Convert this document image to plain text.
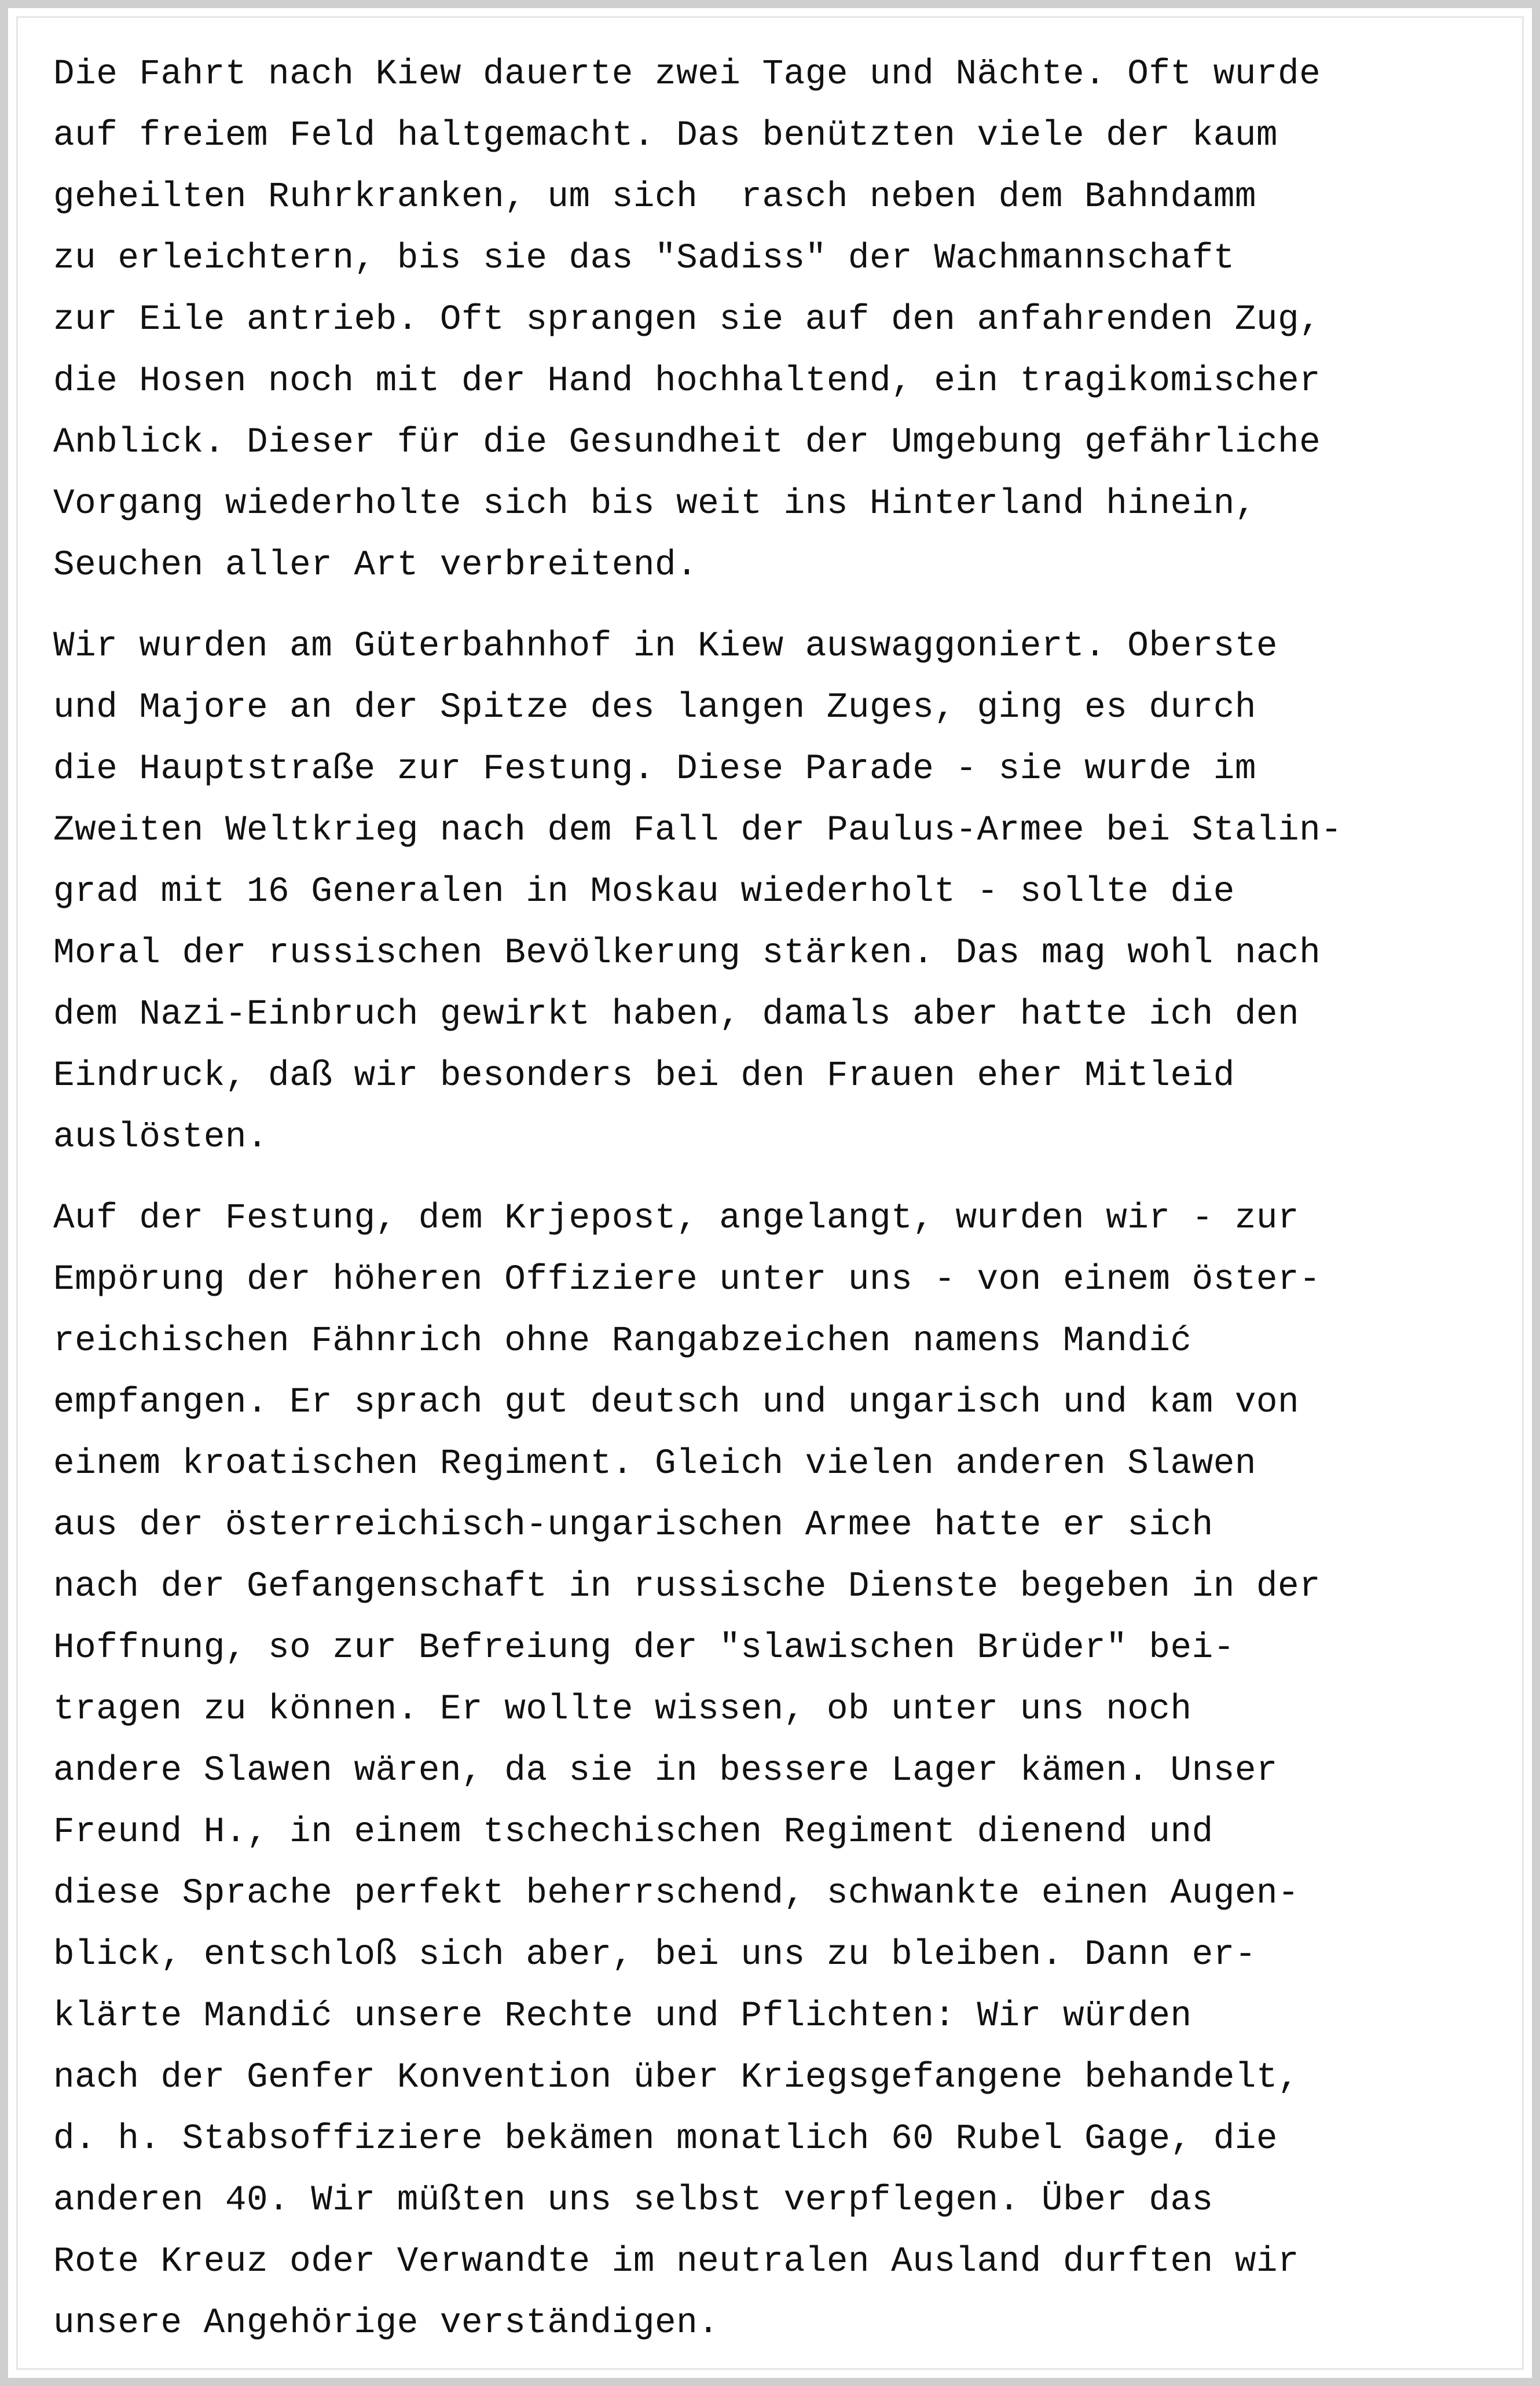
Die Fahrt nach Kiew dauerte zwei Tage und Nächte. Oft wurde
auf freiem Feld haltgemacht. Das benützten viele der kaum
geheilten Ruhrkranken, um sich  rasch neben dem Bahndamm
zu erleichtern, bis sie das "Sadiss" der Wachmannschaft
zur Eile antrieb. Oft sprangen sie auf den anfahrenden Zug,
die Hosen noch mit der Hand hochhaltend, ein tragikomischer
Anblick. Dieser für die Gesundheit der Umgebung gefährliche
Vorgang wiederholte sich bis weit ins Hinterland hinein,
Seuchen aller Art verbreitend.
Wir wurden am Güterbahnhof in Kiew auswaggoniert. Oberste
und Majore an der Spitze des langen Zuges, ging es durch
die Hauptstraße zur Festung. Diese Parade - sie wurde im
Zweiten Weltkrieg nach dem Fall der Paulus-Armee bei Stalin-
grad mit 16 Generalen in Moskau wiederholt - sollte die
Moral der russischen Bevölkerung stärken. Das mag wohl nach
dem Nazi-Einbruch gewirkt haben, damals aber hatte ich den
Eindruck, daß wir besonders bei den Frauen eher Mitleid
auslösten.
Auf der Festung, dem Krjepost, angelangt, wurden wir - zur
Empörung der höheren Offiziere unter uns - von einem öster-
reichischen Fähnrich ohne Rangabzeichen namens Mandić
empfangen. Er sprach gut deutsch und ungarisch und kam von
einem kroatischen Regiment. Gleich vielen anderen Slawen
aus der österreichisch-ungarischen Armee hatte er sich
nach der Gefangenschaft in russische Dienste begeben in der
Hoffnung, so zur Befreiung der "slawischen Brüder" bei-
tragen zu können. Er wollte wissen, ob unter uns noch
andere Slawen wären, da sie in bessere Lager kämen. Unser
Freund H., in einem tschechischen Regiment dienend und
diese Sprache perfekt beherrschend, schwankte einen Augen-
blick, entschloß sich aber, bei uns zu bleiben. Dann er-
klärte Mandić unsere Rechte und Pflichten: Wir würden
nach der Genfer Konvention über Kriegsgefangene behandelt,
d. h. Stabsoffiziere bekämen monatlich 60 Rubel Gage, die
anderen 40. Wir müßten uns selbst verpflegen. Über das
Rote Kreuz oder Verwandte im neutralen Ausland durften wir
unsere Angehörige verständigen.
